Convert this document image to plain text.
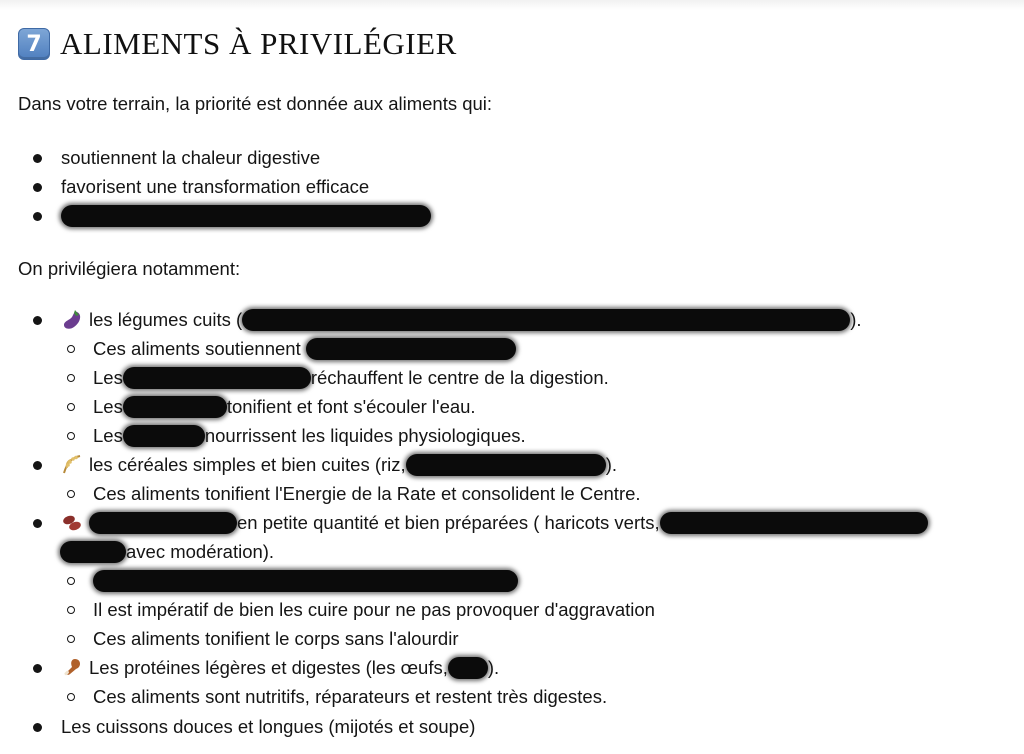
7 ALIMENTS À PRIVILÉGIER
Dans votre terrain, la priorité est donnée aux aliments qui:
soutiennent la chaleur digestive
favorisent une transformation efficace
On privilégiera notamment:
les légumes cuits (	).
Ces aliments soutiennent
Les	réchauffent le centre de la digestion.
Les	tonifient et font s'écouler l'eau.
Les	nourrissent les liquides physiologiques.
les céréales simples et bien cuites (riz,	).
Ces aliments tonifient l'Energie de la Rate et consolident le Centre.
en petite quantité et bien préparées ( haricots verts,
avec modération).
Il est impératif de bien les cuire pour ne pas provoquer d'aggravation
Ces aliments tonifient le corps sans l'alourdir
Les protéines légères et digestes (les œufs, ).
Ces aliments sont nutritifs, réparateurs et restent très digestes.
Les cuissons douces et longues (mijotés et soupe)
